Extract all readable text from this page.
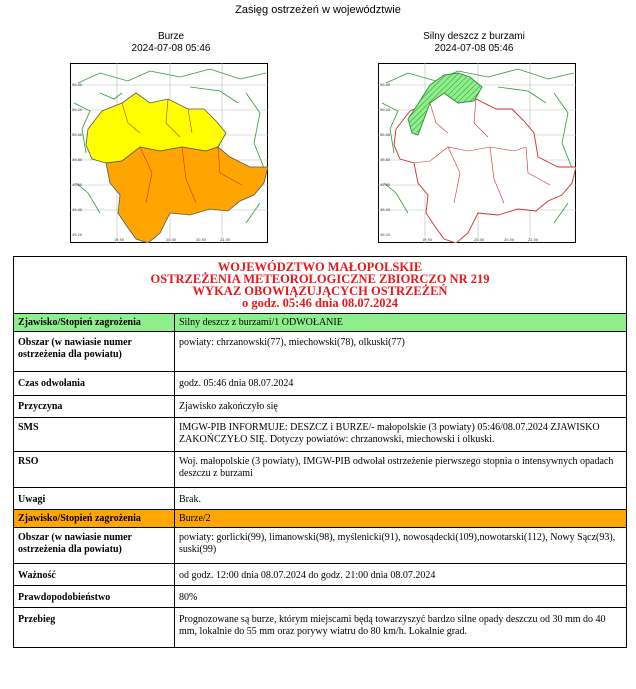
Zasięg ostrzeżeń w województwie
Burze
2024-07-08 05:46
Silny deszcz z burzami
2024-07-08 05:46
50.40
50.20
50.00
49.80
49.60
49.40
49.20
19.50	20.00	20.50	21.00
50.40
50.20
50.00
49.80
49.60
49.40
49.20
19.50	20.00	20.50	21.00
WOJEWÓDZTWO MAŁOPOLSKIE
OSTRZEŻENIA METEOROLOGICZNE ZBIORCZO NR 219
WYKAZ OBOWIĄZUJĄCYCH OSTRZEŻEŃ
o godz. 05:46 dnia 08.07.2024	

Zjawisko/Stopień zagrożenia	Silny deszcz z burzami/1 ODWOŁANIE
Obszar (w nawiasie numer ostrzeżenia dla powiatu)	powiaty: chrzanowski(77), miechowski(78), olkuski(77)
Czas odwołania	godz. 05:46 dnia 08.07.2024
Przyczyna	Zjawisko zakończyło się
SMS	IMGW-PIB INFORMUJE: DESZCZ i BURZE/- małopolskie (3 powiaty) 05:46/08.07.2024 ZJAWISKO ZAKOŃCZYŁO SIĘ. Dotyczy powiatów: chrzanowski, miechowski i olkuski.
RSO	Woj. małopolskie (3 powiaty), IMGW-PIB odwołał ostrzeżenie pierwszego stopnia o intensywnych opadach deszczu z burzami
Uwagi	Brak.
Zjawisko/Stopień zagrożenia	Burze/2
Obszar (w nawiasie numer ostrzeżenia dla powiatu)	powiaty: gorlicki(99), limanowski(98), myślenicki(91), nowosądecki(109),nowotarski(112), Nowy Sącz(93), suski(99)
Ważność	od godz. 12:00 dnia 08.07.2024 do godz. 21:00 dnia 08.07.2024
Prawdopodobieństwo	80%
Przebieg	Prognozowane są burze, którym miejscami będą towarzyszyć bardzo silne opady deszczu od 30 mm do 40 mm, lokalnie do 55 mm oraz porywy wiatru do 80 km/h. Lokalnie grad.
